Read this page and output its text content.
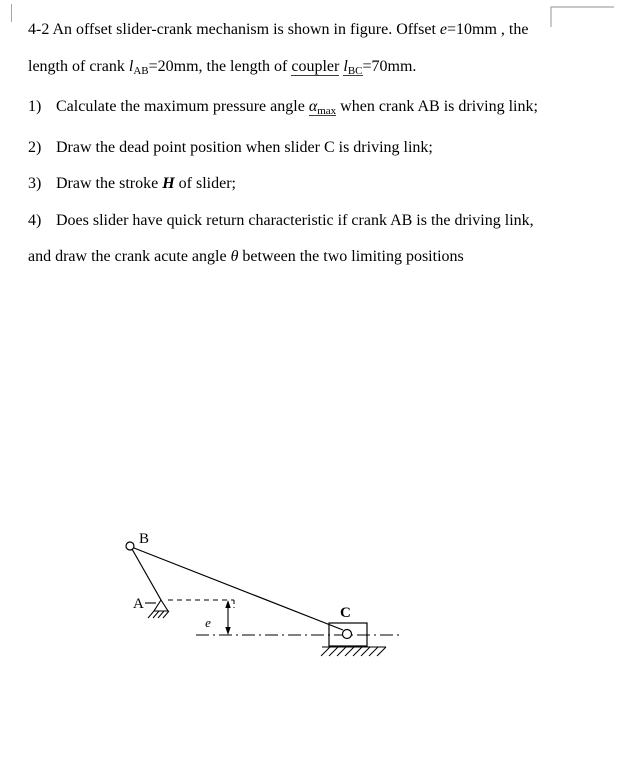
4-2 An offset slider-crank mechanism is shown in figure. Offset e=10mm , the
length of crank $l_{AB}=20mm$, the length of coupler $l_{BC}=70mm$.
1) Calculate the maximum pressure angle $\alpha_{max}$ when crank AB is driving link;
2) Draw the dead point position when slider C is driving link;
3) Draw the stroke H of slider;
4) Does slider have quick return characteristic if crank AB is the driving link,
and draw the crank acute angle θ between the two limiting positions
B
A
e
C
